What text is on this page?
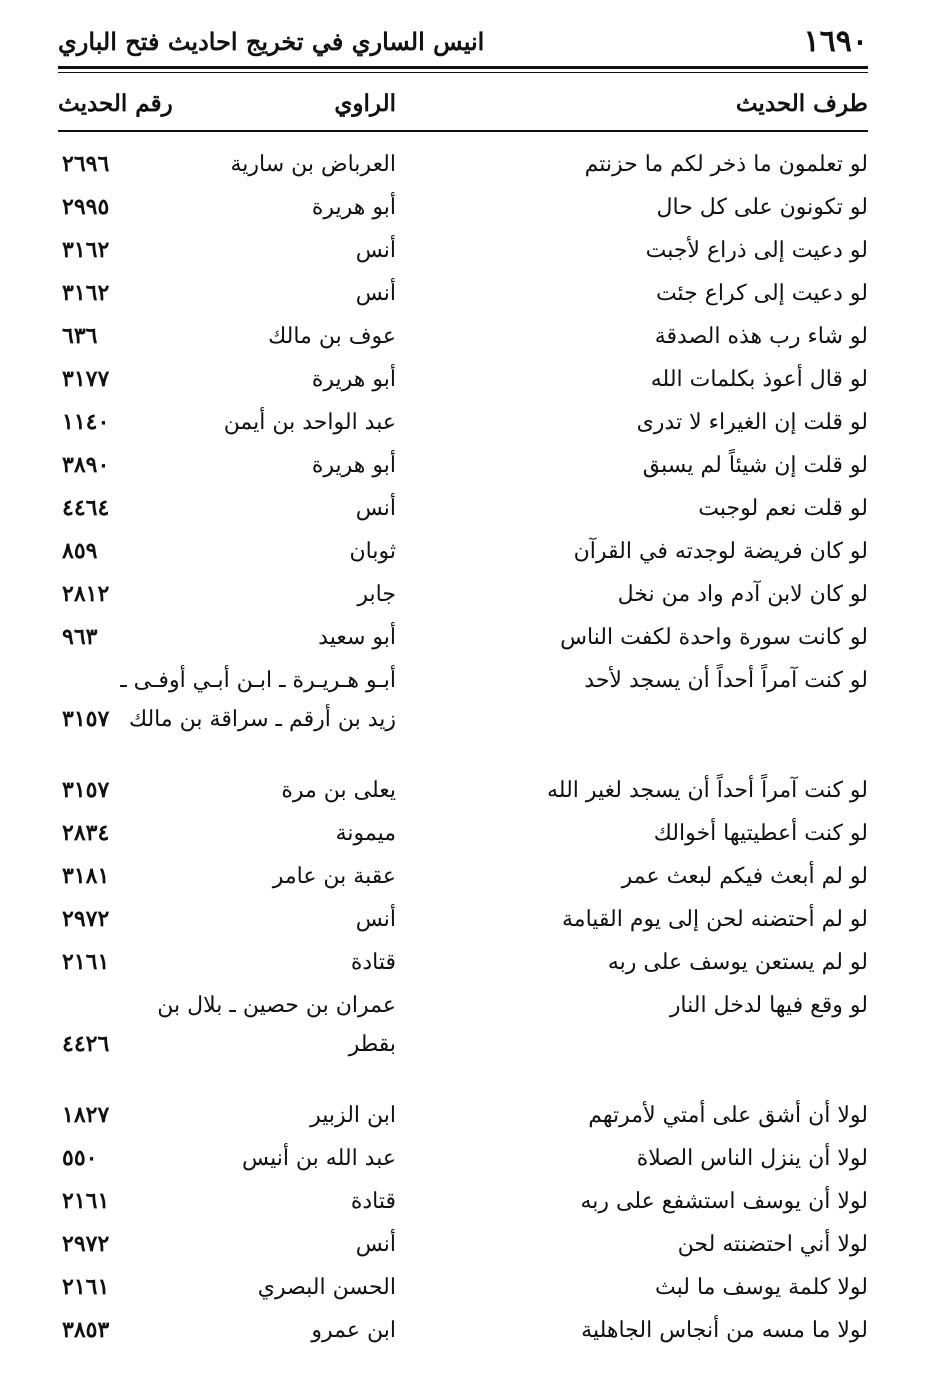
١٦٩٠
انيس الساري في تخريج احاديث فتح الباري
طرف الحديث
الراوي
رقم الحديث
لو تعلمون ما ذخر لكم ما حزنتم
العرباض بن سارية
٢٦٩٦
لو تكونون على كل حال
أبو هريرة
٢٩٩٥
لو دعيت إلى ذراع لأجبت
أنس
٣١٦٢
لو دعيت إلى كراع جئت
أنس
٣١٦٢
لو شاء رب هذه الصدقة
عوف بن مالك
٦٣٦
لو قال أعوذ بكلمات الله
أبو هريرة
٣١٧٧
لو قلت إن الغيراء لا تدرى
عبد الواحد بن أيمن
١١٤٠
لو قلت إن شيئاً لم يسبق
أبو هريرة
٣٨٩٠
لو قلت نعم لوجبت
أنس
٤٤٦٤
لو كان فريضة لوجدته في القرآن
ثوبان
٨٥٩
لو كان لابن آدم واد من نخل
جابر
٢٨١٢
لو كانت سورة واحدة لكفت الناس
أبو سعيد
٩٦٣
لو كنت آمراً أحداً أن يسجد لأحد
أبـو هـريـرة ـ ابـن أبـي أوفـى ـ
زيد بن أرقم ـ سراقة بن مالك
٣١٥٧
لو كنت آمراً أحداً أن يسجد لغير الله
يعلى بن مرة
٣١٥٧
لو كنت أعطيتيها أخوالك
ميمونة
٢٨٣٤
لو لم أبعث فيكم لبعث عمر
عقبة بن عامر
٣١٨١
لو لم أحتضنه لحن إلى يوم القيامة
أنس
٢٩٧٢
لو لم يستعن يوسف على ربه
قتادة
٢١٦١
لو وقع فيها لدخل النار
عمران بن حصين ـ بلال بن
بقطر
٤٤٢٦
لولا أن أشق على أمتي لأمرتهم
ابن الزبير
١٨٢٧
لولا أن ينزل الناس الصلاة
عبد الله بن أنيس
٥٥٠
لولا أن يوسف استشفع على ربه
قتادة
٢١٦١
لولا أني احتضنته لحن
أنس
٢٩٧٢
لولا كلمة يوسف ما لبث
الحسن البصري
٢١٦١
لولا ما مسه من أنجاس الجاهلية
ابن عمرو
٣٨٥٣
